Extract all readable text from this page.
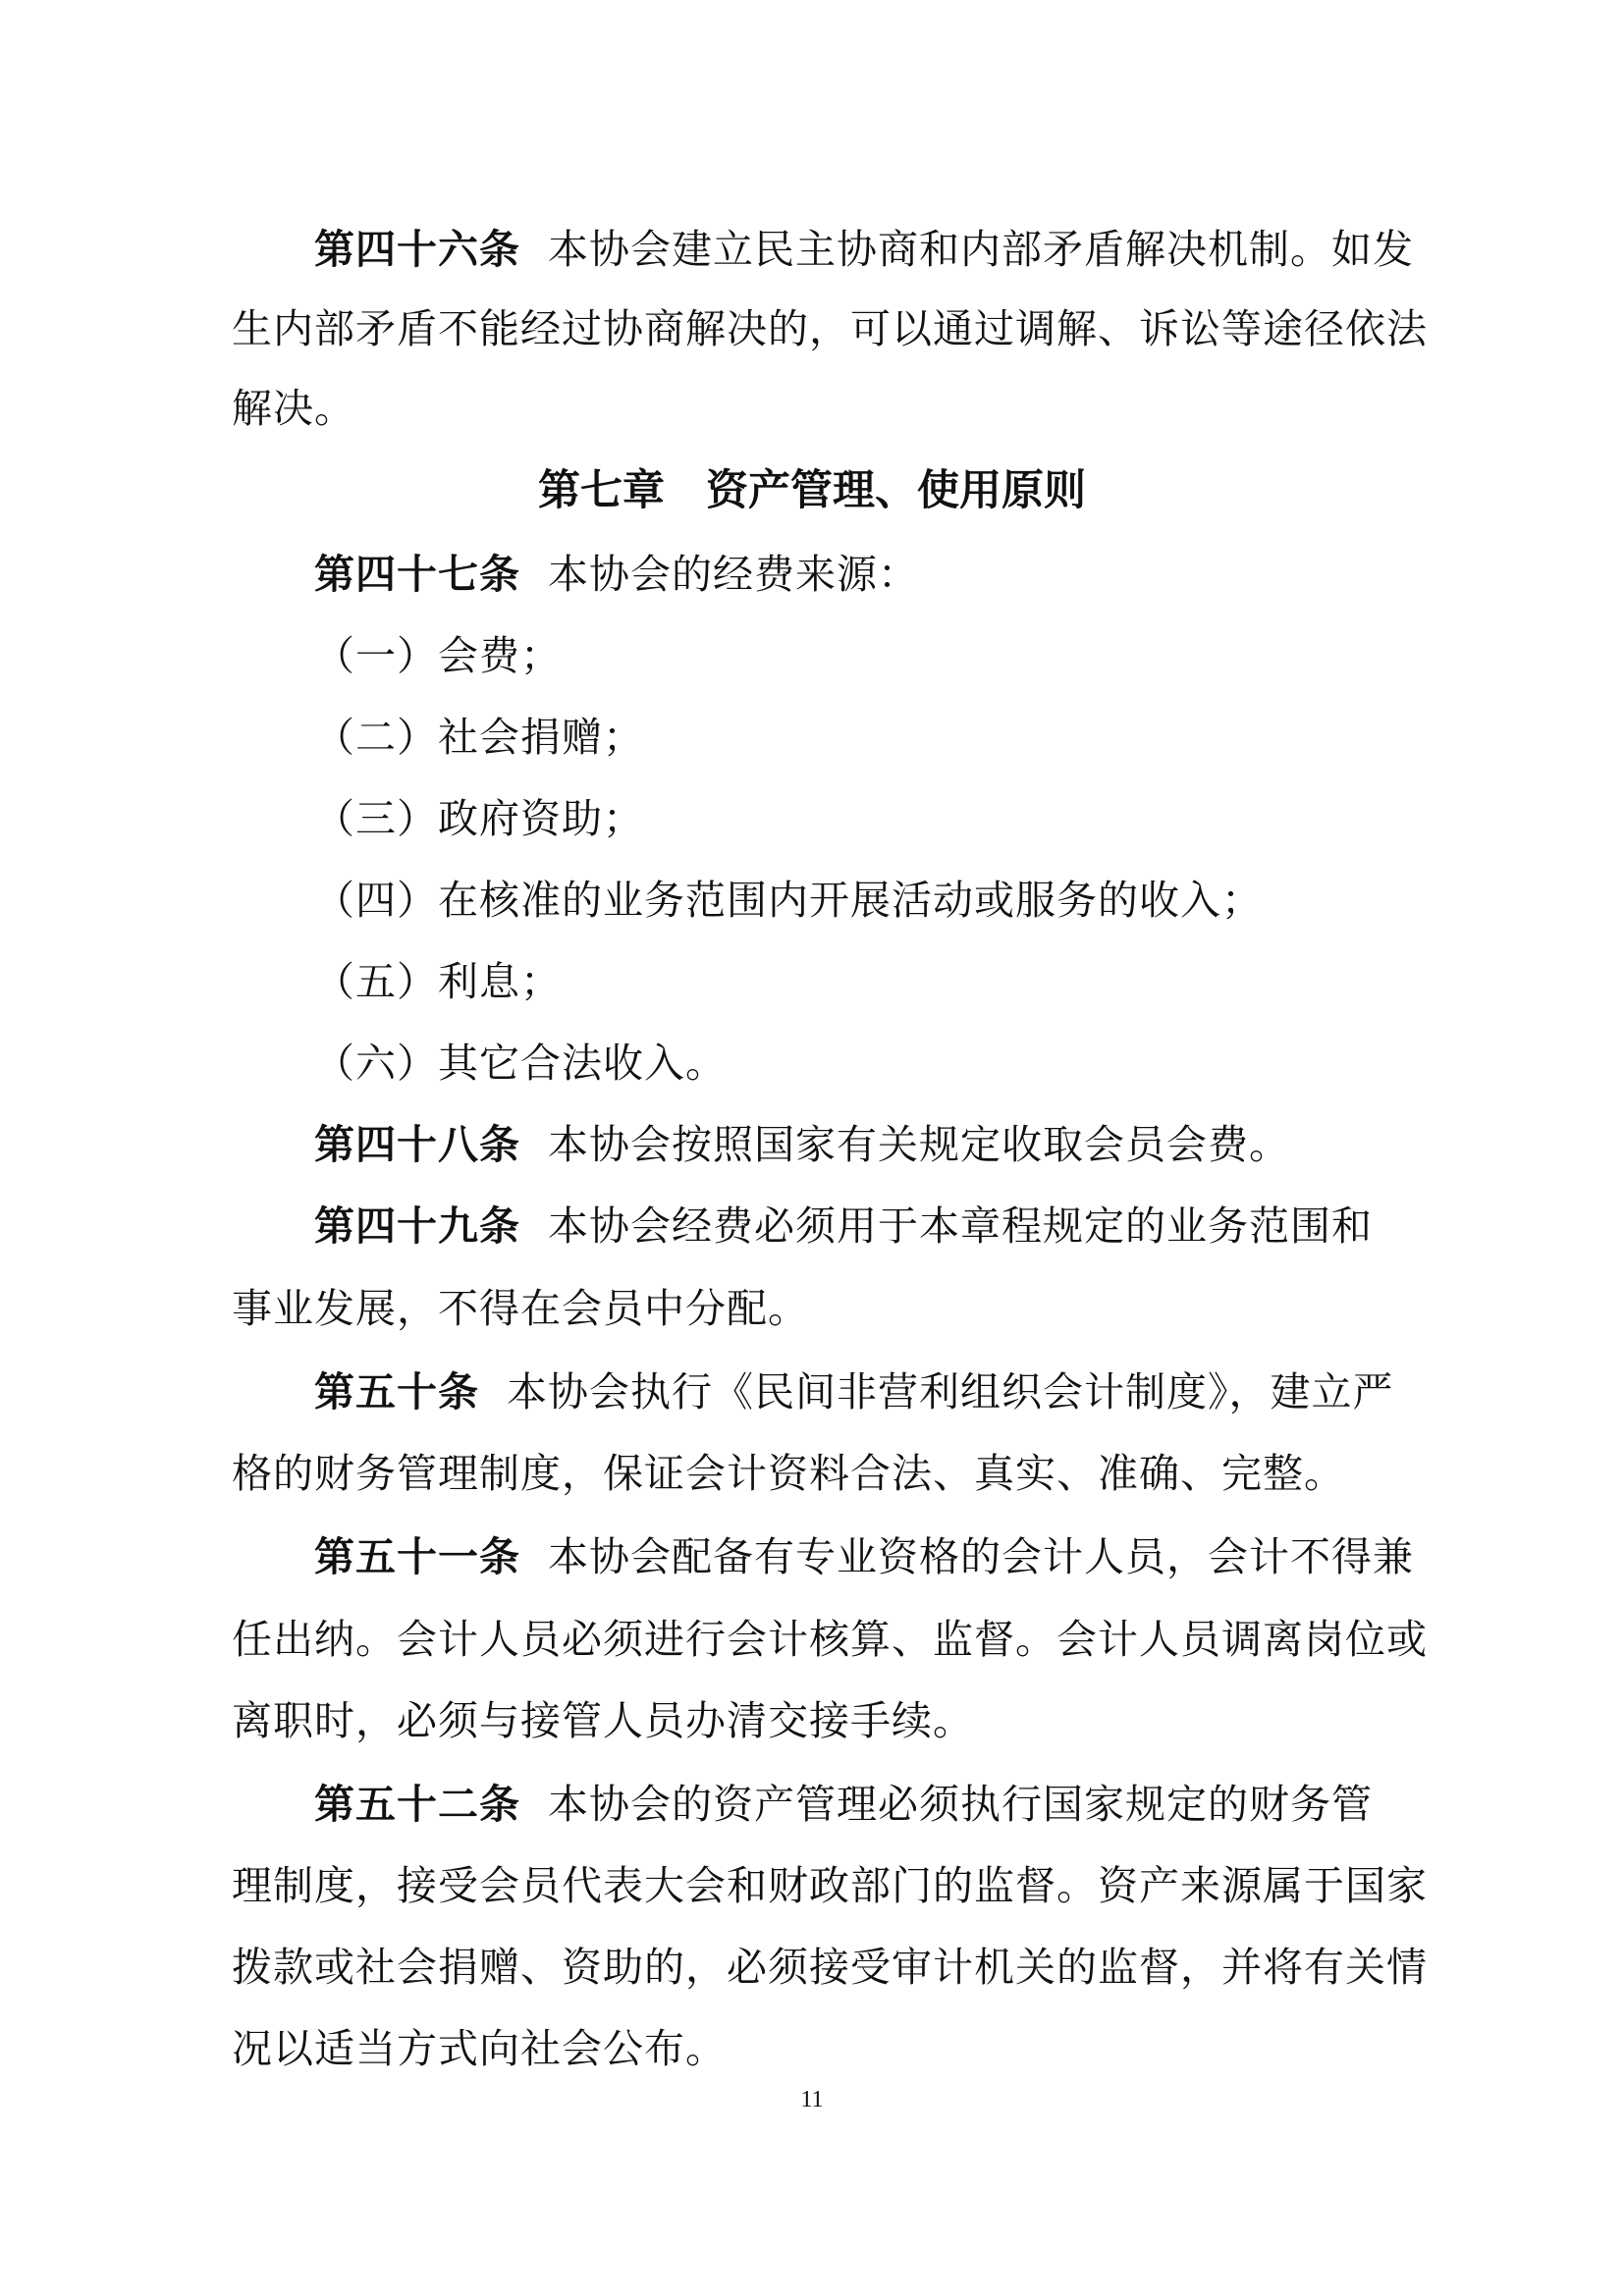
第四十六条 本协会建立民主协商和内部矛盾解决机制。如发
生内部矛盾不能经过协商解决的，可以通过调解、诉讼等途径依法
解决。
第七章 资产管理、使用原则
第四十七条 本协会的经费来源：
（一）会费；
（二）社会捐赠；
（三）政府资助；
（四）在核准的业务范围内开展活动或服务的收入；
（五）利息；
（六）其它合法收入。
第四十八条 本协会按照国家有关规定收取会员会费。
第四十九条 本协会经费必须用于本章程规定的业务范围和
事业发展，不得在会员中分配。
第五十条 本协会执行《民间非营利组织会计制度》，建立严
格的财务管理制度，保证会计资料合法、真实、准确、完整。
第五十一条 本协会配备有专业资格的会计人员，会计不得兼
任出纳。会计人员必须进行会计核算、监督。会计人员调离岗位或
离职时，必须与接管人员办清交接手续。
第五十二条 本协会的资产管理必须执行国家规定的财务管
理制度，接受会员代表大会和财政部门的监督。资产来源属于国家
拨款或社会捐赠、资助的，必须接受审计机关的监督，并将有关情
况以适当方式向社会公布。
11
